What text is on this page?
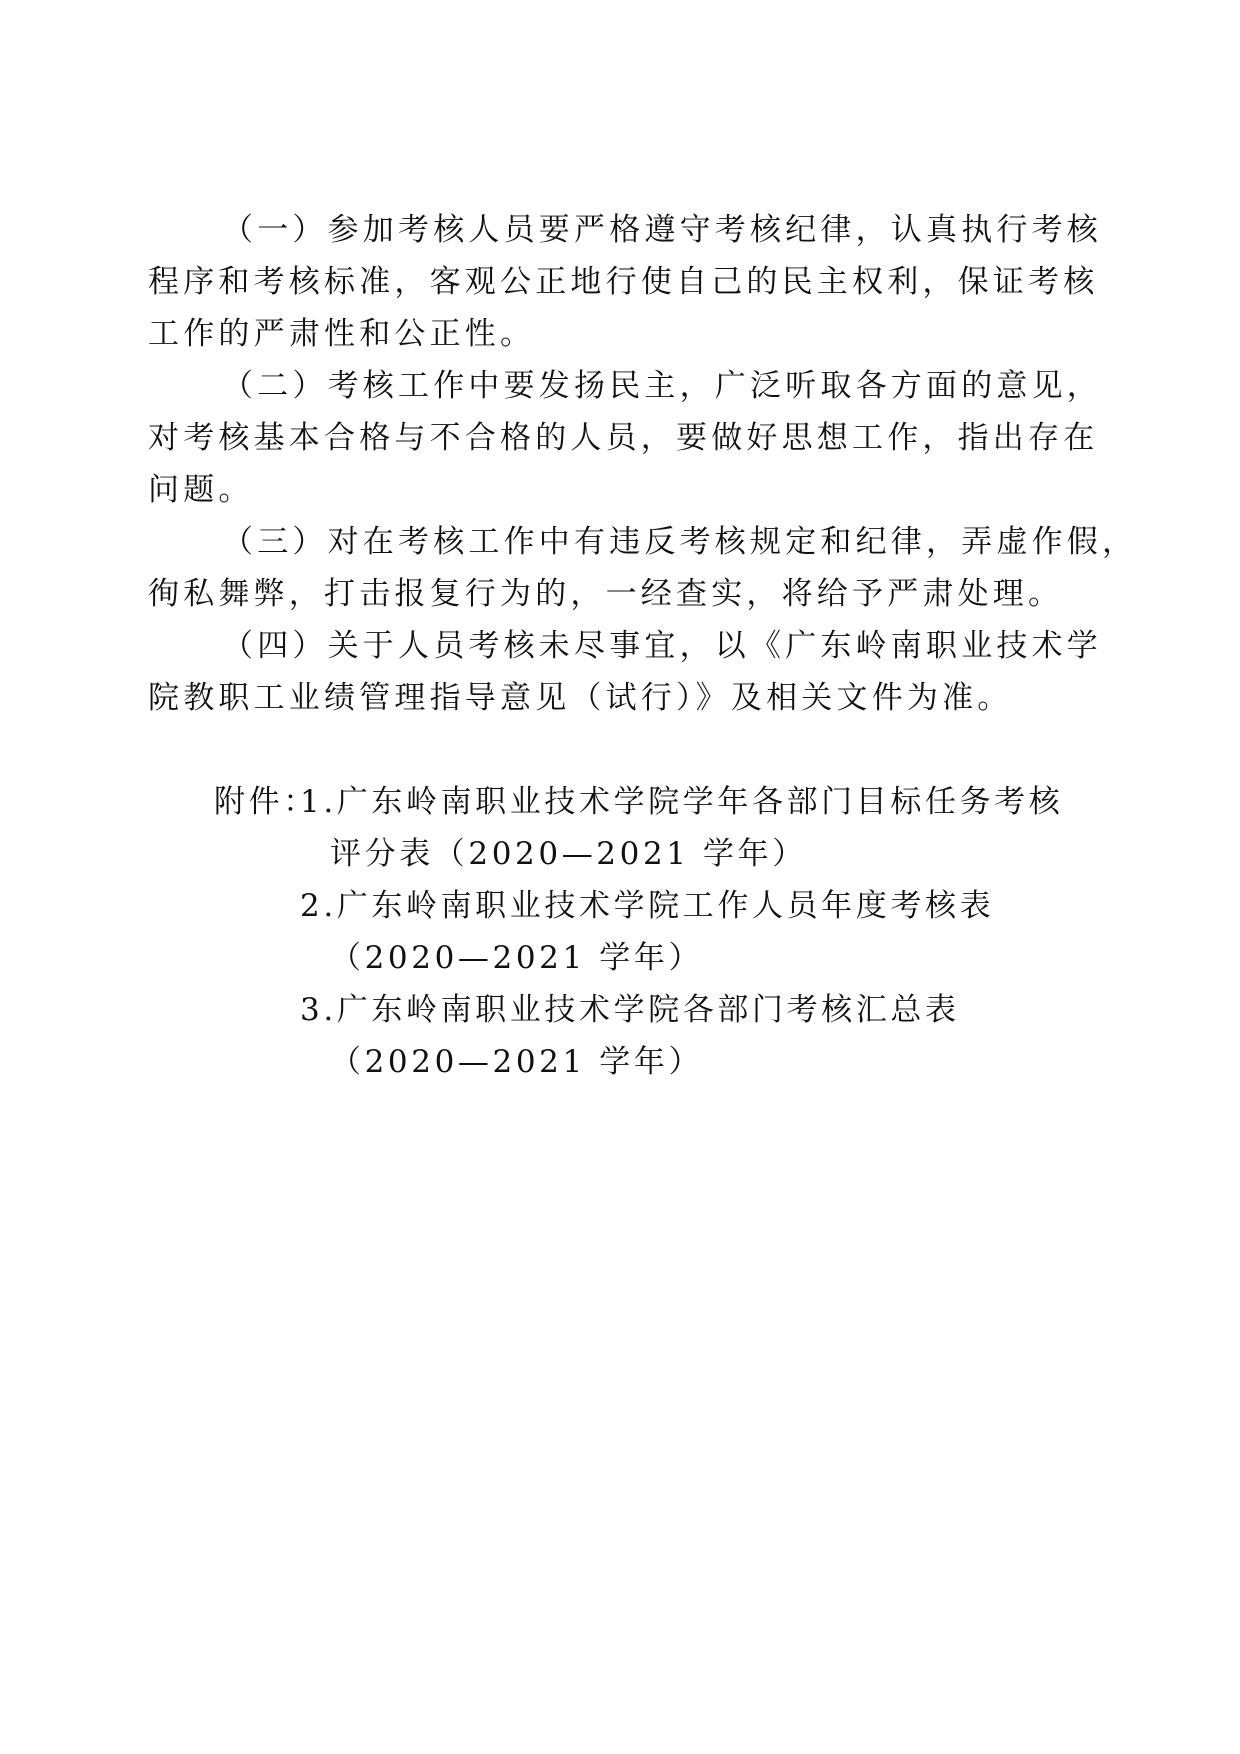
（一）参加考核人员要严格遵守考核纪律，认真执行考核
程序和考核标准，客观公正地行使自己的民主权利，保证考核
工作的严肃性和公正性。
（二）考核工作中要发扬民主，广泛听取各方面的意见，
对考核基本合格与不合格的人员，要做好思想工作，指出存在
问题。
（三）对在考核工作中有违反考核规定和纪律，弄虚作假，
徇私舞弊，打击报复行为的，一经查实，将给予严肃处理。
（四）关于人员考核未尽事宜，以《广东岭南职业技术学
院教职工业绩管理指导意见（试行）》及相关文件为准。
附件：
1.广东岭南职业技术学院学年各部门目标任务考核
评分表（2020—2021 学年）
2.广东岭南职业技术学院工作人员年度考核表
（2020—2021 学年）
3.广东岭南职业技术学院各部门考核汇总表
（2020—2021 学年）
